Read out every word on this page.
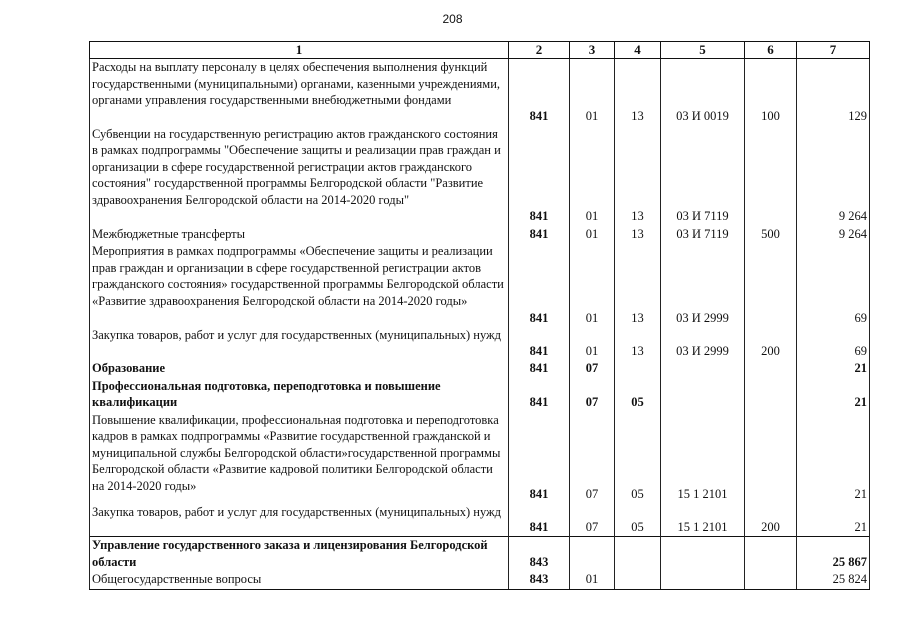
208
1	2	3	4	5	6	7
Расходы на выплату персоналу в целях обеспечения выполнения функций государственными (муниципальными) органами, казенными учреждениями, органами управления государственными внебюджетными фондами	841	01	13	03 И 0019	100	129
Субвенции на государственную регистрацию актов гражданского состояния в рамках подпрограммы "Обеспечение защиты и реализации прав граждан и организации в сфере государственной регистрации актов гражданского состояния" государственной программы Белгородской области "Развитие здравоохранения Белгородской области на 2014-2020 годы"	841	01	13	03 И 7119		9 264
Межбюджетные трансферты	841	01	13	03 И 7119	500	9 264
Мероприятия в рамках подпрограммы «Обеспечение защиты и реализации прав граждан и организации в сфере государственной регистрации актов гражданского состояния» государственной программы Белгородской области «Развитие здравоохранения Белгородской области на 2014-2020 годы»	841	01	13	03 И 2999		69
Закупка товаров, работ и услуг для государственных (муниципальных) нужд	841	01	13	03 И 2999	200	69
Образование	841	07				21
Профессиональная подготовка, переподготовка и повышение квалификации	841	07	05			21
Повышение квалификации, профессиональная подготовка и переподготовка кадров в рамках подпрограммы «Развитие государственной гражданской и муниципальной службы Белгородской области»государственной программы Белгородской области «Развитие кадровой политики Белгородской области на 2014-2020 годы»	841	07	05	15 1 2101		21
Закупка товаров, работ и услуг для государственных (муниципальных) нужд	841	07	05	15 1 2101	200	21
Управление государственного заказа и лицензирования Белгородской области	843					25 867
Общегосударственные вопросы	843	01				25 824
